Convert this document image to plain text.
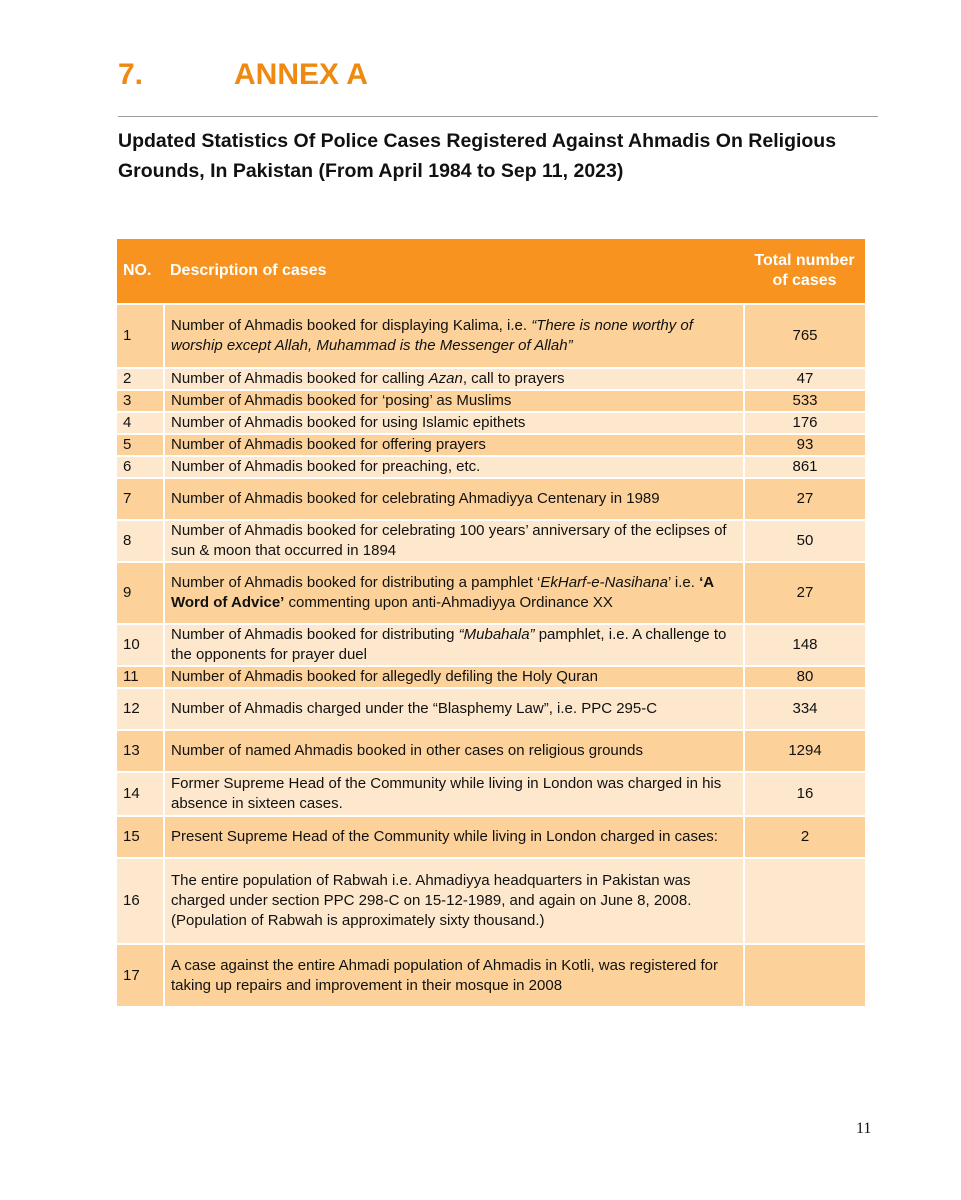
7.	ANNEX A
Updated Statistics Of Police Cases Registered Against Ahmadis On Religious Grounds, In Pakistan (From April 1984 to Sep 11, 2023)
NO.	Description of cases	Total number of cases
1	Number of Ahmadis booked for displaying Kalima, i.e. “There is none worthy of worship except Allah, Muhammad is the Messenger of Allah”	765
2	Number of Ahmadis booked for calling Azan, call to prayers	47
3	Number of Ahmadis booked for ‘posing’ as Muslims	533
4	Number of Ahmadis booked for using Islamic epithets	176
5	Number of Ahmadis booked for offering prayers	93
6	Number of Ahmadis booked for preaching, etc.	861
7	Number of Ahmadis booked for celebrating Ahmadiyya Centenary in 1989	27
8	Number of Ahmadis booked for celebrating 100 years’ anniversary of the eclipses of sun & moon that occurred in 1894	50
9	Number of Ahmadis booked for distributing a pamphlet ‘EkHarf-e-Nasihana’ i.e. ‘A Word of Advice’ commenting upon anti-Ahmadiyya Ordinance XX	27
10	Number of Ahmadis booked for distributing “Mubahala” pamphlet, i.e. A challenge to the opponents for prayer duel	148
11	Number of Ahmadis booked for allegedly defiling the Holy Quran	80
12	Number of Ahmadis charged under the “Blasphemy Law”, i.e. PPC 295-C	334
13	Number of named Ahmadis booked in other cases on religious grounds	1294
14	Former Supreme Head of the Community while living in London was charged in his absence in sixteen cases.	16
15	Present Supreme Head of the Community while living in London charged in cases:	2
16	The entire population of Rabwah i.e. Ahmadiyya headquarters in Pakistan was charged under section PPC 298-C on 15-12-1989, and again on June 8, 2008. (Population of Rabwah is approximately sixty thousand.)	
17	A case against the entire Ahmadi population of Ahmadis in Kotli, was registered for taking up repairs and improvement in their mosque in 2008	
11
